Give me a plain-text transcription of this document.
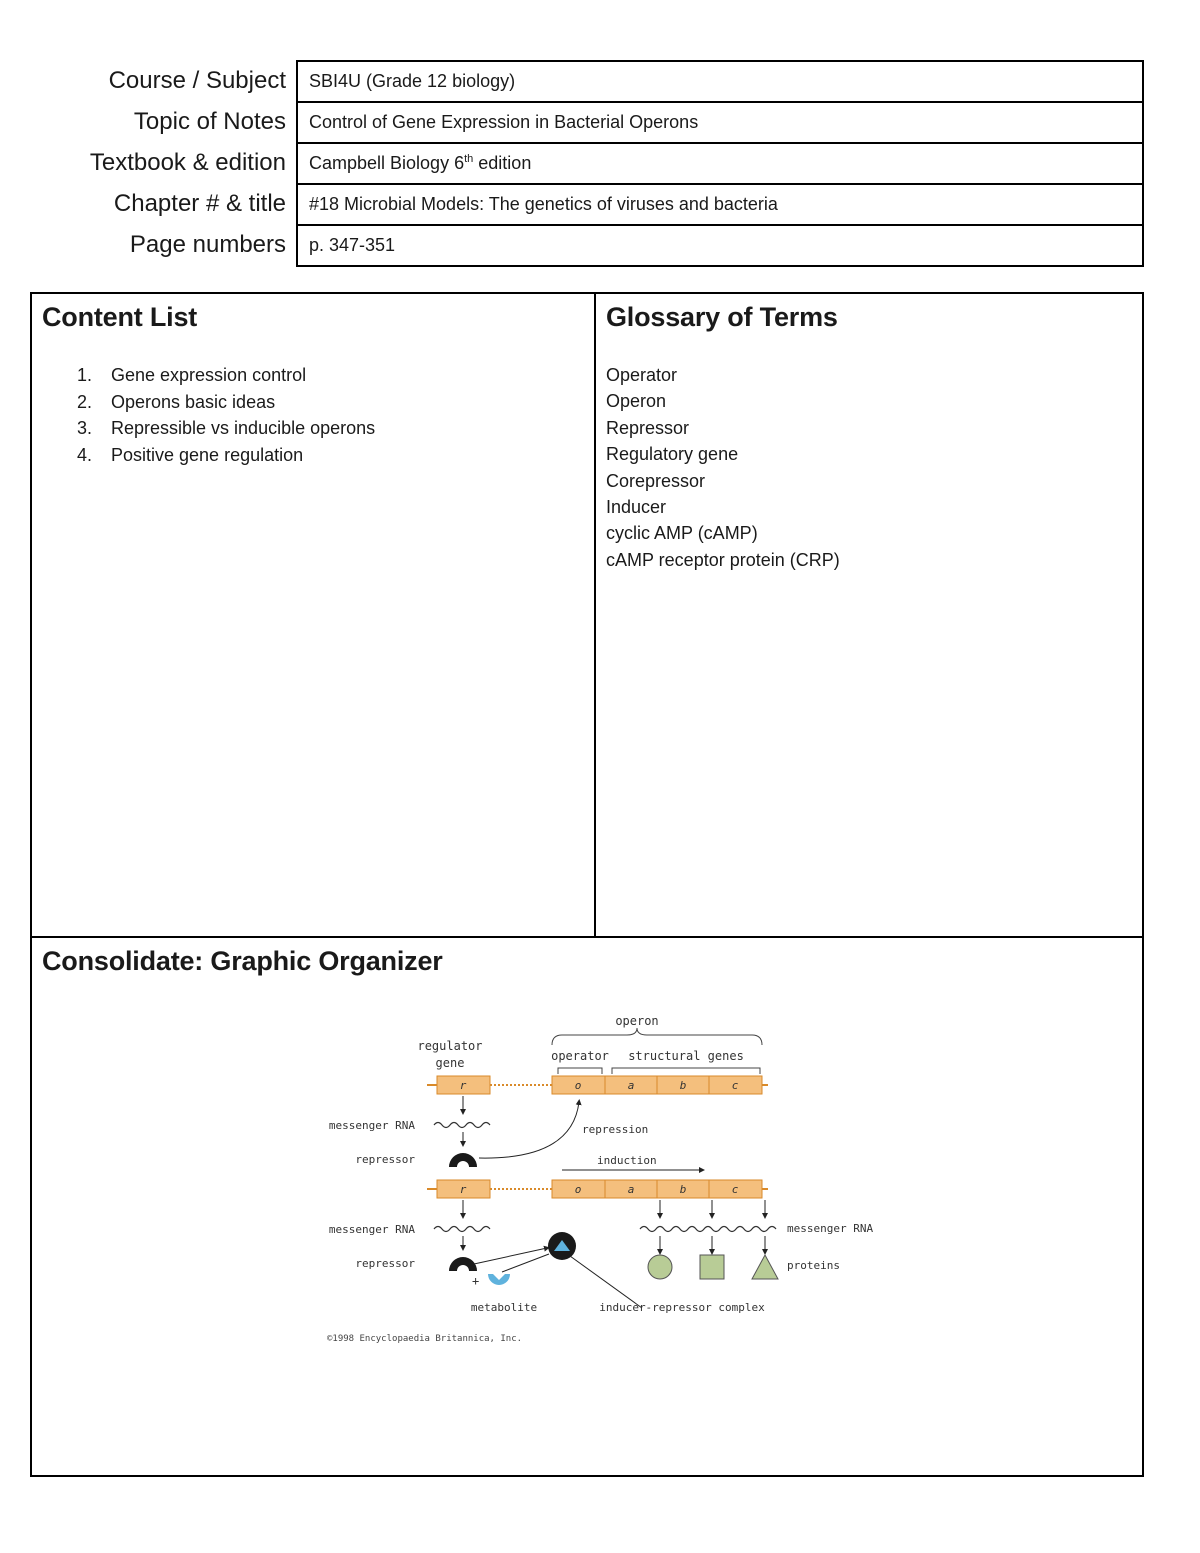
Course / Subject	SBI4U (Grade 12 biology)
Topic of Notes	Control of Gene Expression in Bacterial Operons
Textbook & edition	Campbell Biology 6th edition
Chapter # & title	#18 Microbial Models: The genetics of viruses and bacteria
Page numbers	p. 347-351
Content List
1.	Gene expression control
2.	Operons basic ideas
3.	Repressible vs inducible operons
4.	Positive gene regulation
Glossary of Terms
Operator
Operon
Repressor
Regulatory gene
Corepressor
Inducer
cyclic AMP (cAMP)
cAMP receptor protein (CRP)
Consolidate: Graphic Organizer
operon
regulator
gene	operator structural genes
r	o	a	b	c
messenger RNA
repressor
repression
induction
r	o	a	b	c
messenger RNA
repressor
+
metabolite	inducer-repressor complex
messenger RNA
proteins
©1998 Encyclopaedia Britannica, Inc.
